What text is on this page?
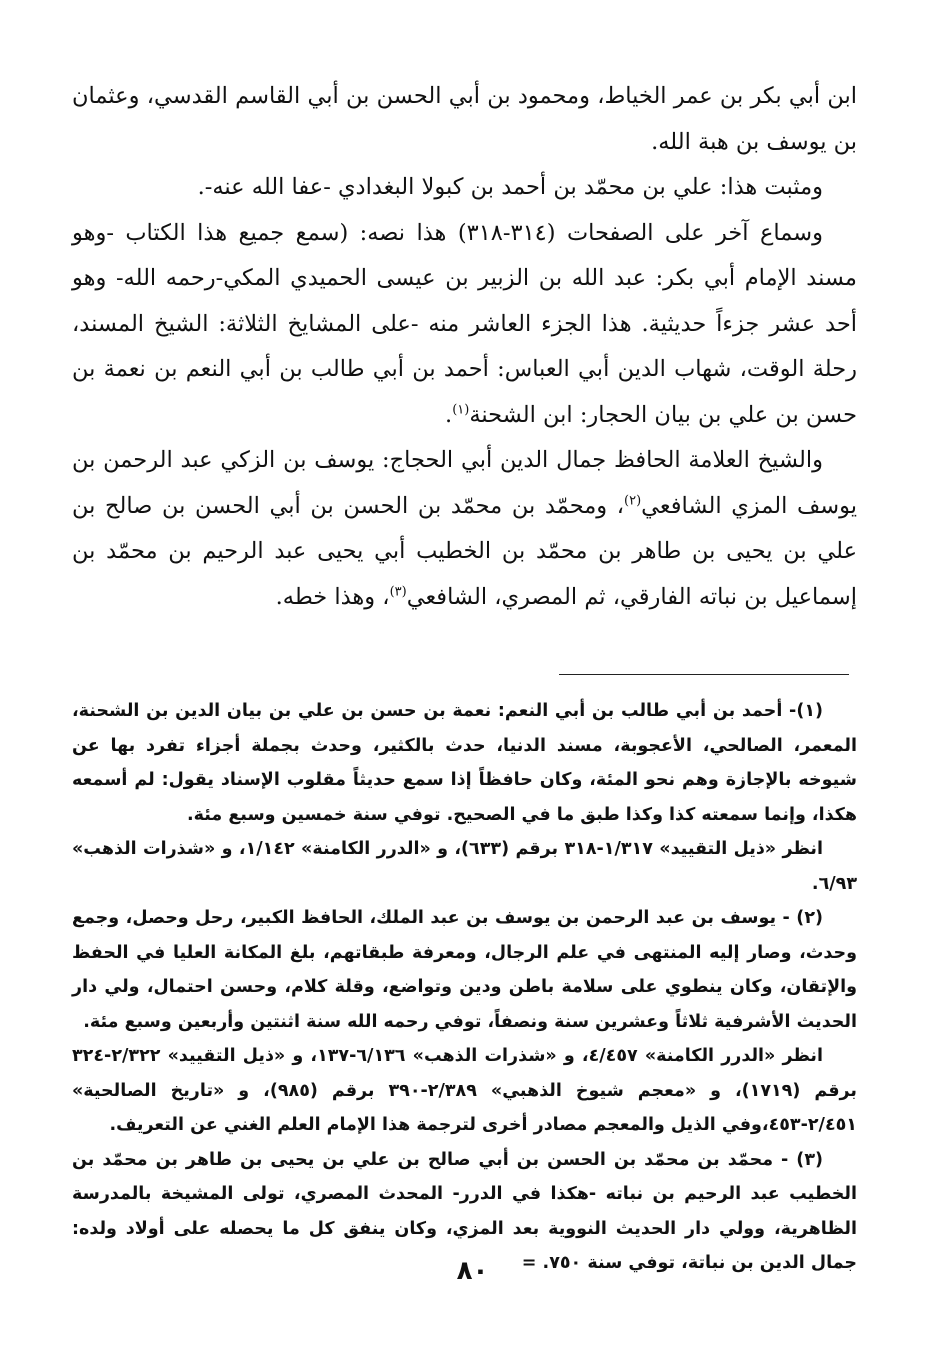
ابن أبي بكر بن عمر الخياط، ومحمود بن أبي الحسن بن أبي القاسم القدسي، وعثمان بن يوسف بن هبة الله.

ومثبت هذا: علي بن محمّد بن أحمد بن كبولا البغدادي -عفا الله عنه-.

وسماع آخر على الصفحات (٣١٤-٣١٨) هذا نصه: (سمع جميع هذا الكتاب -وهو مسند الإمام أبي بكر: عبد الله بن الزبير بن عيسى الحميدي المكي-رحمه الله- وهو أحد عشر جزءاً حديثية. هذا الجزء العاشر منه -على المشايخ الثلاثة: الشيخ المسند، رحلة الوقت، شهاب الدين أبي العباس: أحمد بن أبي طالب بن أبي النعم بن نعمة بن حسن بن علي بن بيان الحجار: ابن الشحنة$^{(١)}$.

والشيخ العلامة الحافظ جمال الدين أبي الحجاج: يوسف بن الزكي عبد الرحمن بن يوسف المزي الشافعي$^{(٢)}$، ومحمّد بن محمّد بن الحسن بن أبي الحسن بن صالح بن علي بن يحيى بن طاهر بن محمّد بن الخطيب أبي يحيى عبد الرحيم بن محمّد بن إسماعيل بن نباته الفارقي، ثم المصري، الشافعي$^{(٣)}$، وهذا خطه.

(١)- أحمد بن أبي طالب بن أبي النعم: نعمة بن حسن بن علي بن بيان الدين بن الشحنة، المعمر، الصالحي، الأعجوبة، مسند الدنيا، حدث بالكثير، وحدث بجملة أجزاء تفرد بها عن شيوخه بالإجازة وهم نحو المئة، وكان حافظاً إذا سمع حديثاً مقلوب الإسناد يقول: لم أسمعه هكذا، وإنما سمعته كذا وكذا طبق ما في الصحيح. توفي سنة خمسين وسبع مئة.

انظر «ذيل التقييد» ١/٣١٧-٣١٨ برقم (٦٣٣)، و «الدرر الكامنة» ١/١٤٢، و «شذرات الذهب» ٦/٩٣.

(٢) - يوسف بن عبد الرحمن بن يوسف بن عبد الملك، الحافظ الكبير، رحل وحصل، وجمع وحدث، وصار إليه المنتهى في علم الرجال، ومعرفة طبقاتهم، بلغ المكانة العليا في الحفظ والإتقان، وكان ينطوي على سلامة باطن ودين وتواضع، وقلة كلام، وحسن احتمال، ولي دار الحديث الأشرفية ثلاثاً وعشرين سنة ونصفاً، توفي رحمه الله سنة اثنتين وأربعين وسبع مئة.

انظر «الدرر الكامنة» ٤/٤٥٧، و «شذرات الذهب» ٦/١٣٦-١٣٧، و «ذيل التقييد» ٢/٣٢٢-٣٢٤ برقم (١٧١٩)، و «معجم شيوخ الذهبي» ٢/٣٨٩-٣٩٠ برقم (٩٨٥)، و «تاريخ الصالحية» ٢/٤٥١-٤٥٣،وفي الذيل والمعجم مصادر أخرى لترجمة هذا الإمام العلم الغني عن التعريف.

(٣) - محمّد بن محمّد بن الحسن بن أبي صالح بن علي بن يحيى بن طاهر بن محمّد بن الخطيب عبد الرحيم بن نباته -هكذا في الدرر- المحدث المصري، تولى المشيخة بالمدرسة الظاهرية، وولي دار الحديث النووية بعد المزي، وكان ينفق كل ما يحصله على أولاد ولده: جمال الدين بن نباتة، توفي سنة ٧٥٠. =

٨٠
